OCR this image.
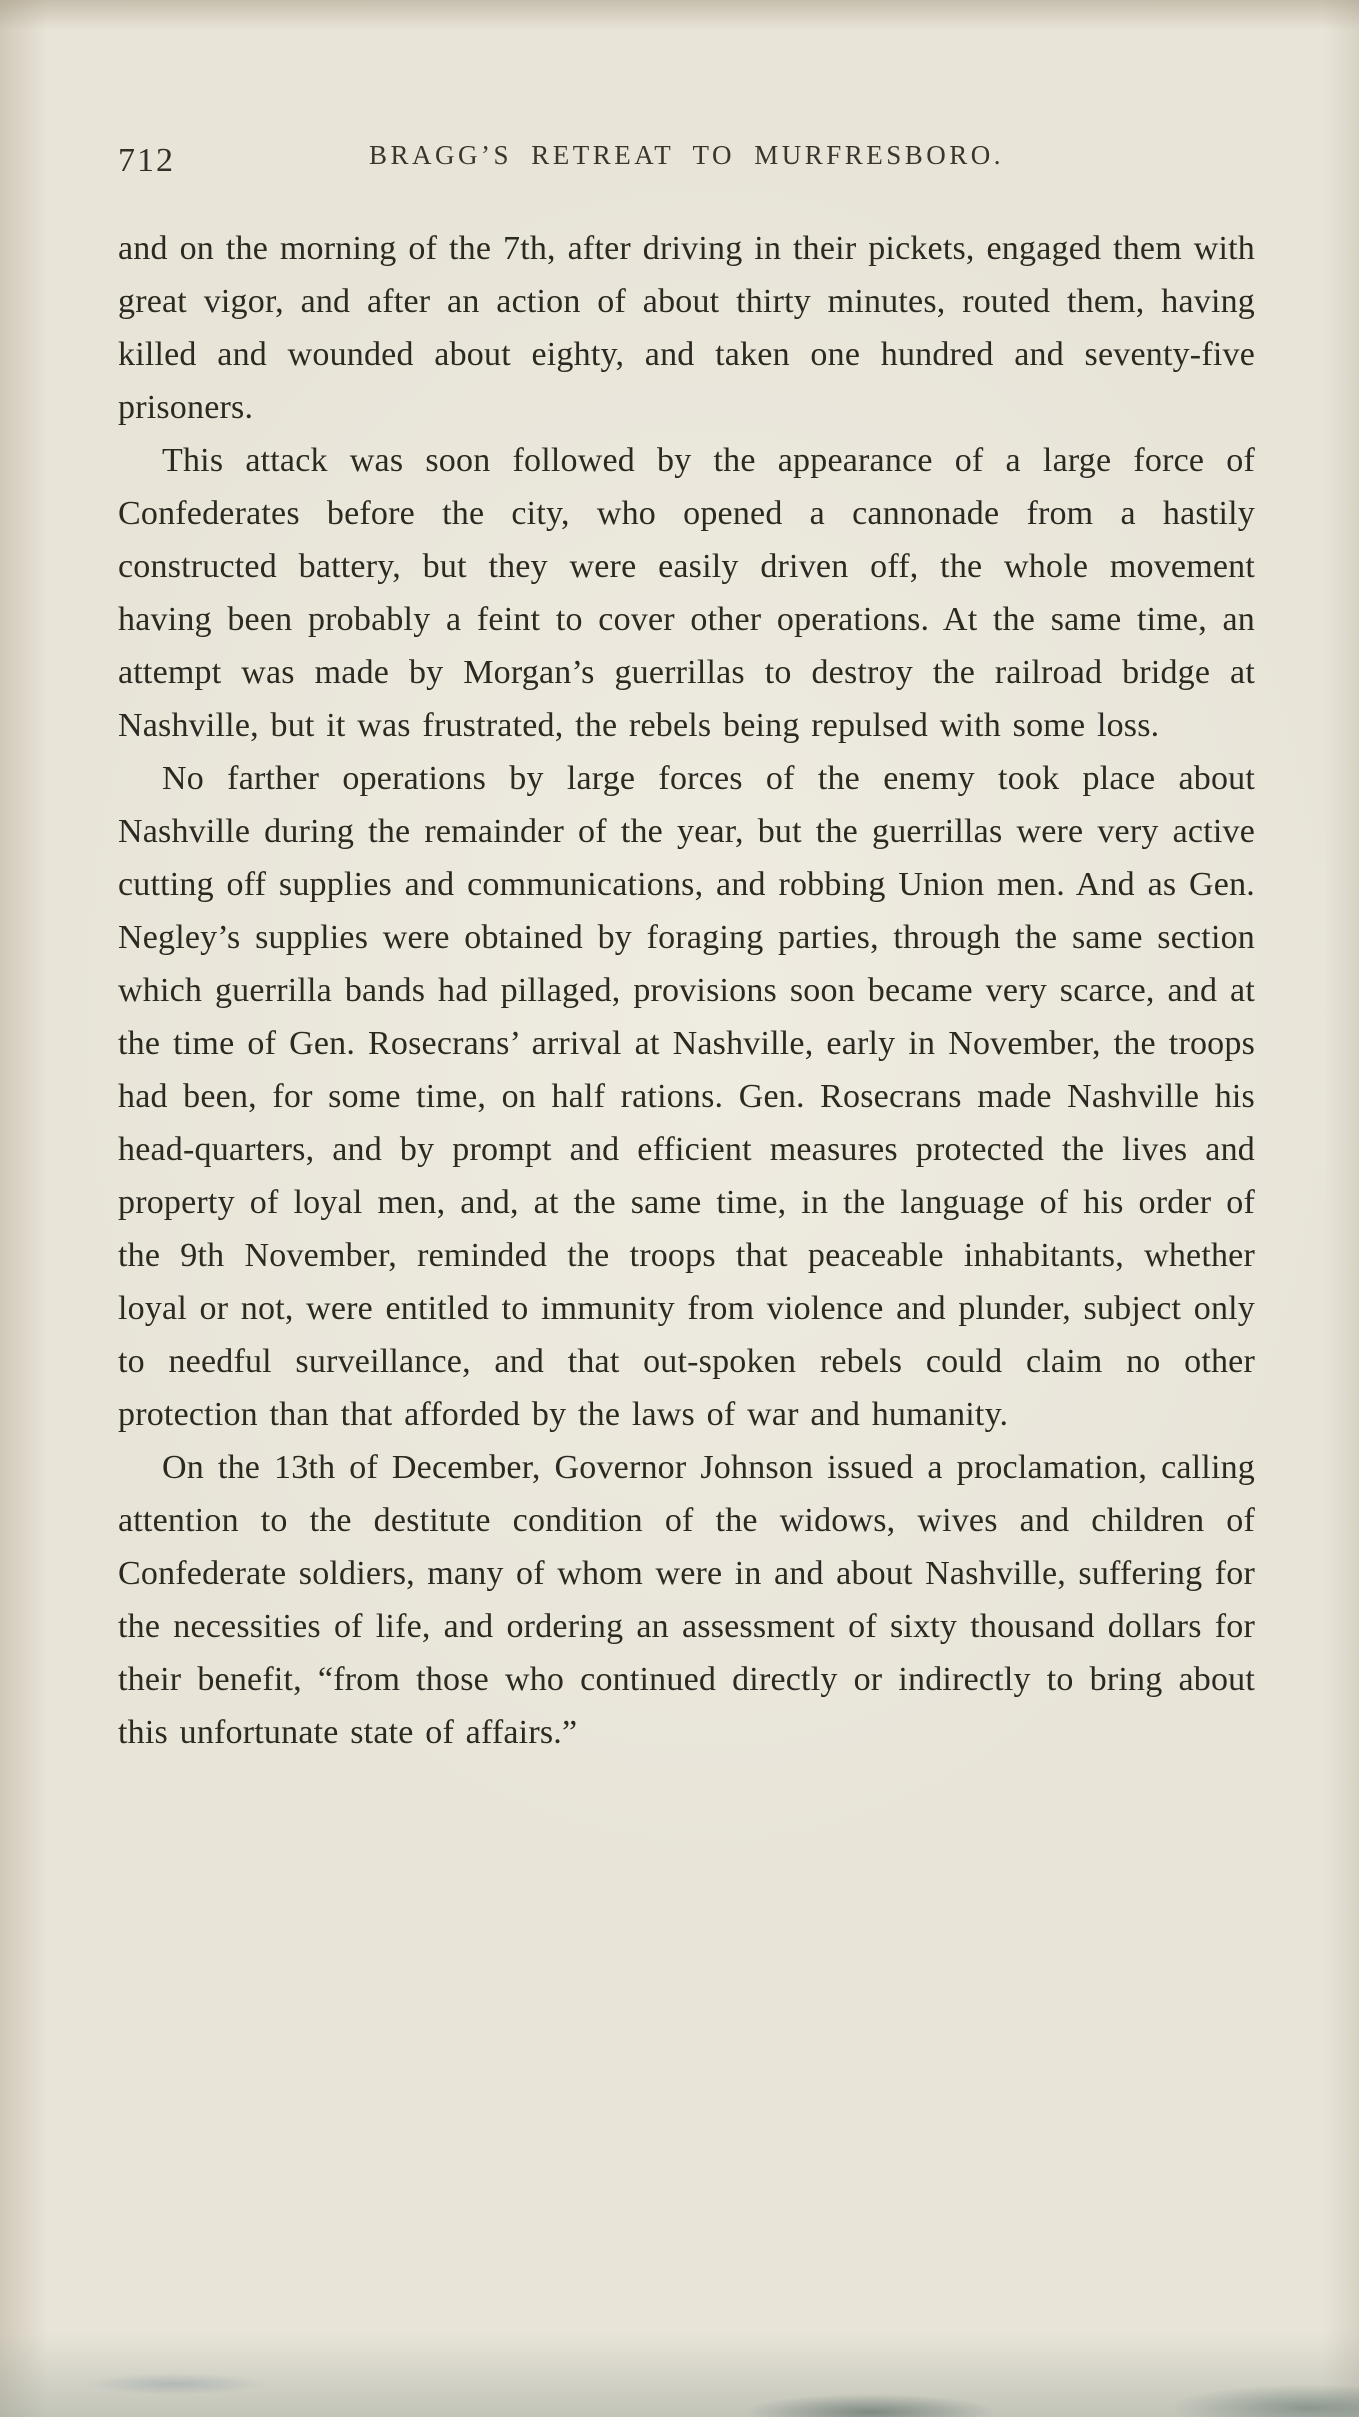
712	BRAGG’S RETREAT TO MURFRESBORO.

and on the morning of the 7th, after driving in their pickets, engaged them with great vigor, and after an action of about thirty minutes, routed them, having killed and wounded about eighty, and taken one hundred and seventy-five prisoners.

This attack was soon followed by the appearance of a large force of Confederates before the city, who opened a cannonade from a hastily constructed battery, but they were easily driven off, the whole movement having been probably a feint to cover other operations. At the same time, an attempt was made by Morgan’s guerrillas to destroy the railroad bridge at Nashville, but it was frustrated, the rebels being repulsed with some loss.

No farther operations by large forces of the enemy took place about Nashville during the remainder of the year, but the guerrillas were very active cutting off supplies and communications, and robbing Union men. And as Gen. Negley’s supplies were obtained by foraging parties, through the same section which guerrilla bands had pillaged, provisions soon became very scarce, and at the time of Gen. Rosecrans’ arrival at Nashville, early in November, the troops had been, for some time, on half rations. Gen. Rosecrans made Nashville his head-quarters, and by prompt and efficient measures protected the lives and property of loyal men, and, at the same time, in the language of his order of the 9th November, reminded the troops that peaceable inhabitants, whether loyal or not, were entitled to immunity from violence and plunder, subject only to needful surveillance, and that out-spoken rebels could claim no other protection than that afforded by the laws of war and humanity.

On the 13th of December, Governor Johnson issued a proclamation, calling attention to the destitute condition of the widows, wives and children of Confederate soldiers, many of whom were in and about Nashville, suffering for the necessities of life, and ordering an assessment of sixty thousand dollars for their benefit, “from those who continued directly or indirectly to bring about this unfortunate state of affairs.”
